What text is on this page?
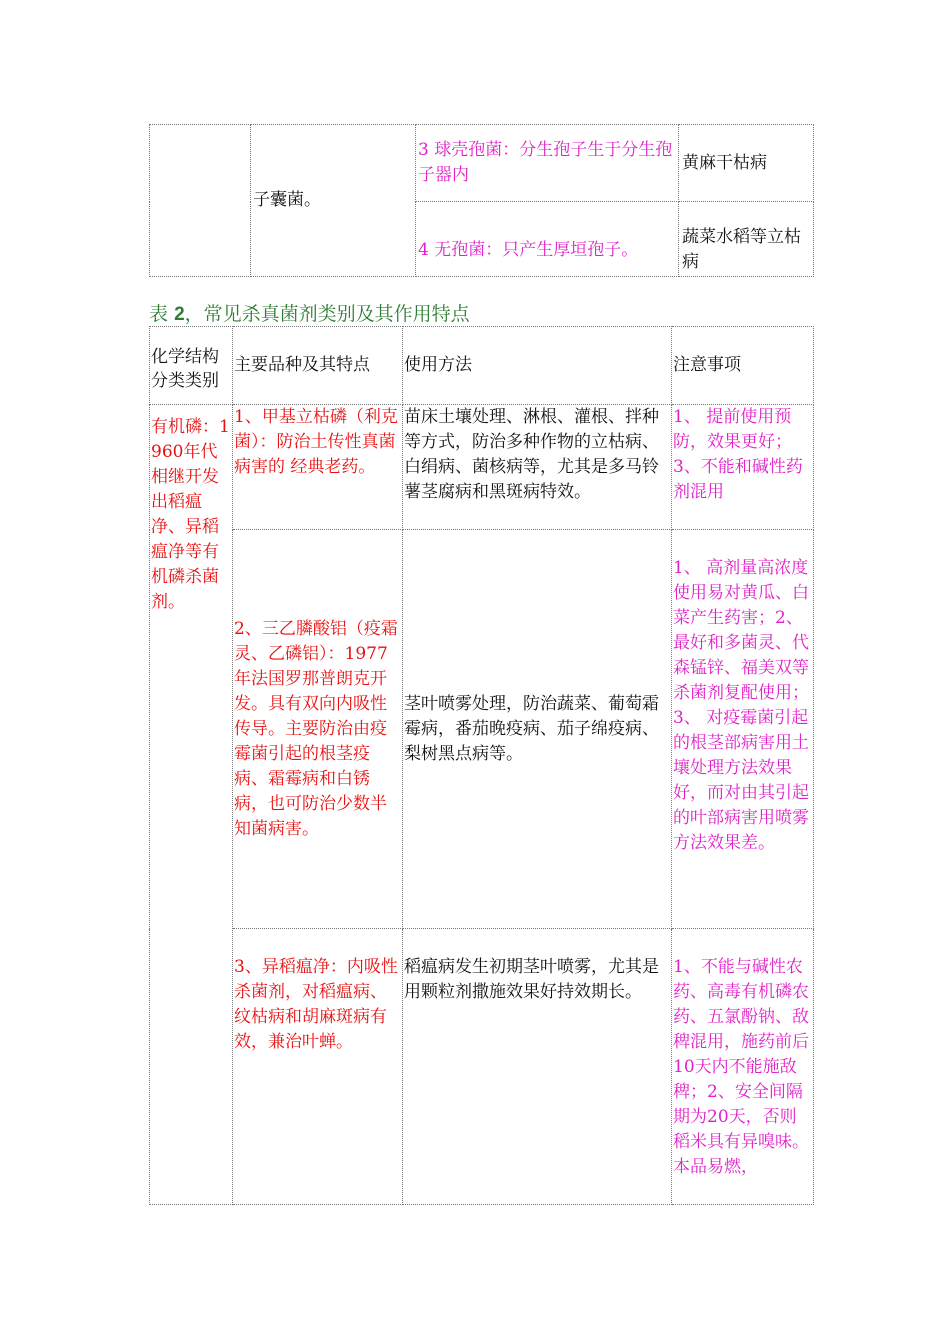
	子囊菌。	3 球壳孢菌：分生孢子生于分生孢子器内	黄麻干枯病
		4 无孢菌：只产生厚垣孢子。	蔬菜水稻等立枯病
表 2，常见杀真菌剂类别及其作用特点
化学结构分类类别	主要品种及其特点	使用方法	注意事项
有机磷：1960年代相继开发出稻瘟净、异稻瘟净等有机磷杀菌剂。	1、甲基立枯磷（利克菌）：防治土传性真菌病害的 经典老药。	苗床土壤处理、淋根、灌根、拌种等方式，防治多种作物的立枯病、白绢病、菌核病等，尤其是多马铃薯茎腐病和黑斑病特效。	1、 提前使用预防，效果更好；3、不能和碱性药剂混用
	2、三乙膦酸铝（疫霜灵、乙磷铝）：1977 年法国罗那普朗克开发。具有双向内吸性传导。主要防治由疫霉菌引起的根茎疫病、霜霉病和白锈病，也可防治少数半知菌病害。	茎叶喷雾处理，防治蔬菜、葡萄霜霉病，番茄晚疫病、茄子绵疫病、梨树黑点病等。	1、 高剂量高浓度使用易对黄瓜、白菜产生药害；2、 最好和多菌灵、代森锰锌、福美双等杀菌剂复配使用；3、 对疫霉菌引起的根茎部病害用土壤处理方法效果好，而对由其引起的叶部病害用喷雾方法效果差。
	3、异稻瘟净：内吸性杀菌剂，对稻瘟病、纹枯病和胡麻斑病有效，兼治叶蝉。	稻瘟病发生初期茎叶喷雾，尤其是用颗粒剂撒施效果好持效期长。	1、不能与碱性农药、高毒有机磷农药、五氯酚钠、敌稗混用，施药前后10天内不能施敌稗；2、安全间隔期为20天，否则稻米具有异嗅味。 本品易燃，
